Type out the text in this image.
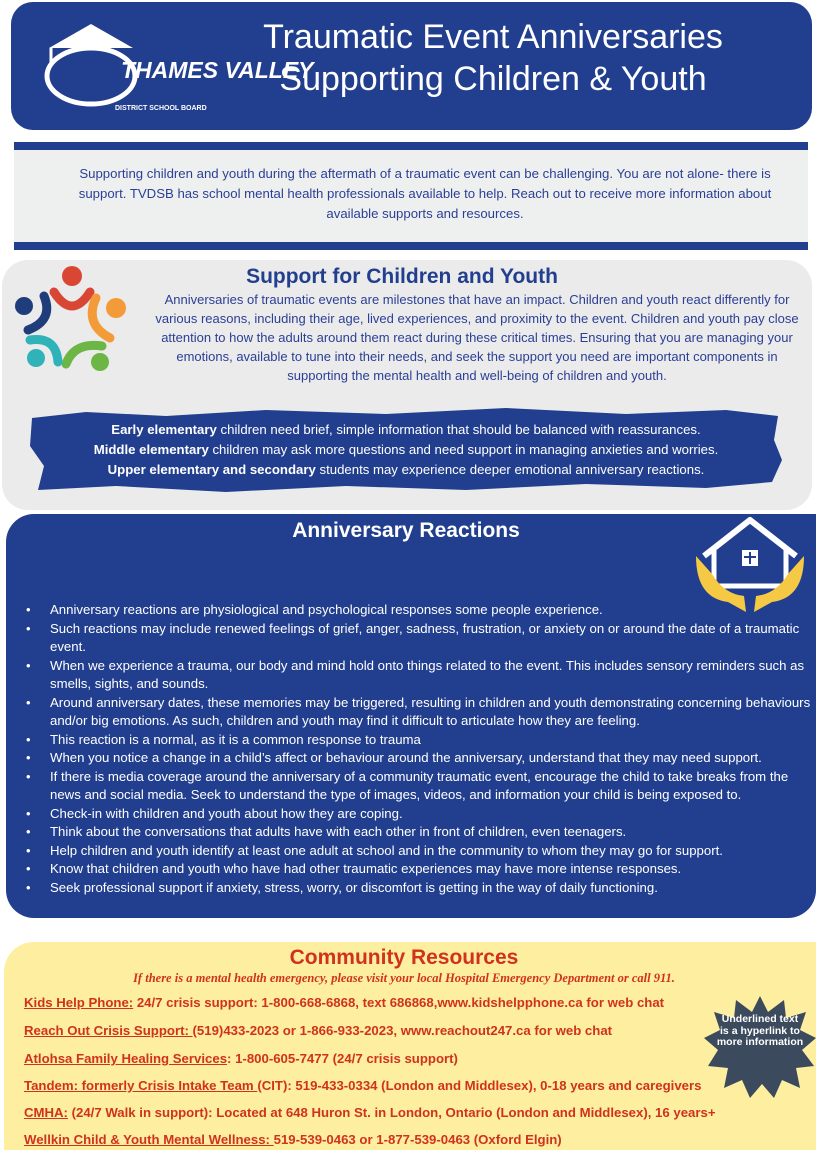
THAMES VALLEY
DISTRICT SCHOOL BOARD
Traumatic Event Anniversaries
Supporting Children & Youth
Supporting children and youth during the aftermath of a traumatic event can be challenging. You are not alone- there is support. TVDSB has school mental health professionals available to help. Reach out to receive more information about available supports and resources.
Support for Children and Youth
Anniversaries of traumatic events are milestones that have an impact. Children and youth react differently for various reasons, including their age, lived experiences, and proximity to the event. Children and youth pay close attention to how the adults around them react during these critical times. Ensuring that you are managing your emotions, available to tune into their needs, and seek the support you need are important components in supporting the mental health and well-being of children and youth.
Early elementary children need brief, simple information that should be balanced with reassurances.
Middle elementary children may ask more questions and need support in managing anxieties and worries.
Upper elementary and secondary students may experience deeper emotional anniversary reactions.
Anniversary Reactions
• Anniversary reactions are physiological and psychological responses some people experience.
• Such reactions may include renewed feelings of grief, anger, sadness, frustration, or anxiety on or around the date of a traumatic event.
• When we experience a trauma, our body and mind hold onto things related to the event. This includes sensory reminders such as smells, sights, and sounds.
• Around anniversary dates, these memories may be triggered, resulting in children and youth demonstrating concerning behaviours and/or big emotions. As such, children and youth may find it difficult to articulate how they are feeling.
• This reaction is a normal, as it is a common response to trauma
• When you notice a change in a child’s affect or behaviour around the anniversary, understand that they may need support.
• If there is media coverage around the anniversary of a community traumatic event, encourage the child to take breaks from the news and social media. Seek to understand the type of images, videos, and information your child is being exposed to.
• Check-in with children and youth about how they are coping.
• Think about the conversations that adults have with each other in front of children, even teenagers.
• Help children and youth identify at least one adult at school and in the community to whom they may go for support.
• Know that children and youth who have had other traumatic experiences may have more intense responses.
• Seek professional support if anxiety, stress, worry, or discomfort is getting in the way of daily functioning.
Community Resources
If there is a mental health emergency, please visit your local Hospital Emergency Department or call 911.
Kids Help Phone: 24/7 crisis support: 1-800-668-6868, text 686868,www.kidshelpphone.ca for web chat
Reach Out Crisis Support: (519)433-2023 or 1-866-933-2023, www.reachout247.ca for web chat
Atlohsa Family Healing Services: 1-800-605-7477 (24/7 crisis support)
Tandem: formerly Crisis Intake Team (CIT): 519-433-0334 (London and Middlesex), 0-18 years and caregivers
CMHA: (24/7 Walk in support): Located at 648 Huron St. in London, Ontario (London and Middlesex), 16 years+
Wellkin Child & Youth Mental Wellness: 519-539-0463 or 1-877-539-0463 (Oxford Elgin)
Underlined text is a hyperlink to more information
